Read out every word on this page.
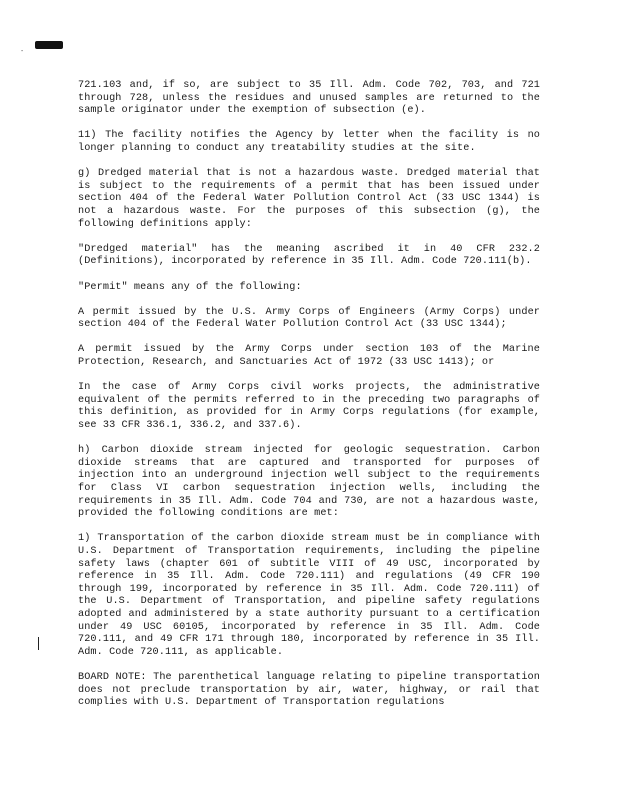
-

721.103 and, if so, are subject to 35 Ill. Adm. Code 702, 703, and 721 through 728, unless the residues and unused samples are returned to the sample originator under the exemption of subsection (e).

11) The facility notifies the Agency by letter when the facility is no longer planning to conduct any treatability studies at the site.

g) Dredged material that is not a hazardous waste. Dredged material that is subject to the requirements of a permit that has been issued under section 404 of the Federal Water Pollution Control Act (33 USC 1344) is not a hazardous waste. For the purposes of this subsection (g), the following definitions apply:

"Dredged material" has the meaning ascribed it in 40 CFR 232.2 (Definitions), incorporated by reference in 35 Ill. Adm. Code 720.111(b).

"Permit" means any of the following:

A permit issued by the U.S. Army Corps of Engineers (Army Corps) under section 404 of the Federal Water Pollution Control Act (33 USC 1344);

A permit issued by the Army Corps under section 103 of the Marine Protection, Research, and Sanctuaries Act of 1972 (33 USC 1413); or

In the case of Army Corps civil works projects, the administrative equivalent of the permits referred to in the preceding two paragraphs of this definition, as provided for in Army Corps regulations (for example, see 33 CFR 336.1, 336.2, and 337.6).

h) Carbon dioxide stream injected for geologic sequestration. Carbon dioxide streams that are captured and transported for purposes of injection into an underground injection well subject to the requirements for Class VI carbon sequestration injection wells, including the requirements in 35 Ill. Adm. Code 704 and 730, are not a hazardous waste, provided the following conditions are met:

1) Transportation of the carbon dioxide stream must be in compliance with U.S. Department of Transportation requirements, including the pipeline safety laws (chapter 601 of subtitle VIII of 49 USC, incorporated by reference in 35 Ill. Adm. Code 720.111) and regulations (49 CFR 190 through 199, incorporated by reference in 35 Ill. Adm. Code 720.111) of the U.S. Department of Transportation, and pipeline safety regulations adopted and administered by a state authority pursuant to a certification under 49 USC 60105, incorporated by reference in 35 Ill. Adm. Code 720.111, and 49 CFR 171 through 180, incorporated by reference in 35 Ill. Adm. Code 720.111, as applicable.

BOARD NOTE: The parenthetical language relating to pipeline transportation does not preclude transportation by air, water, highway, or rail that complies with U.S. Department of Transportation regulations
